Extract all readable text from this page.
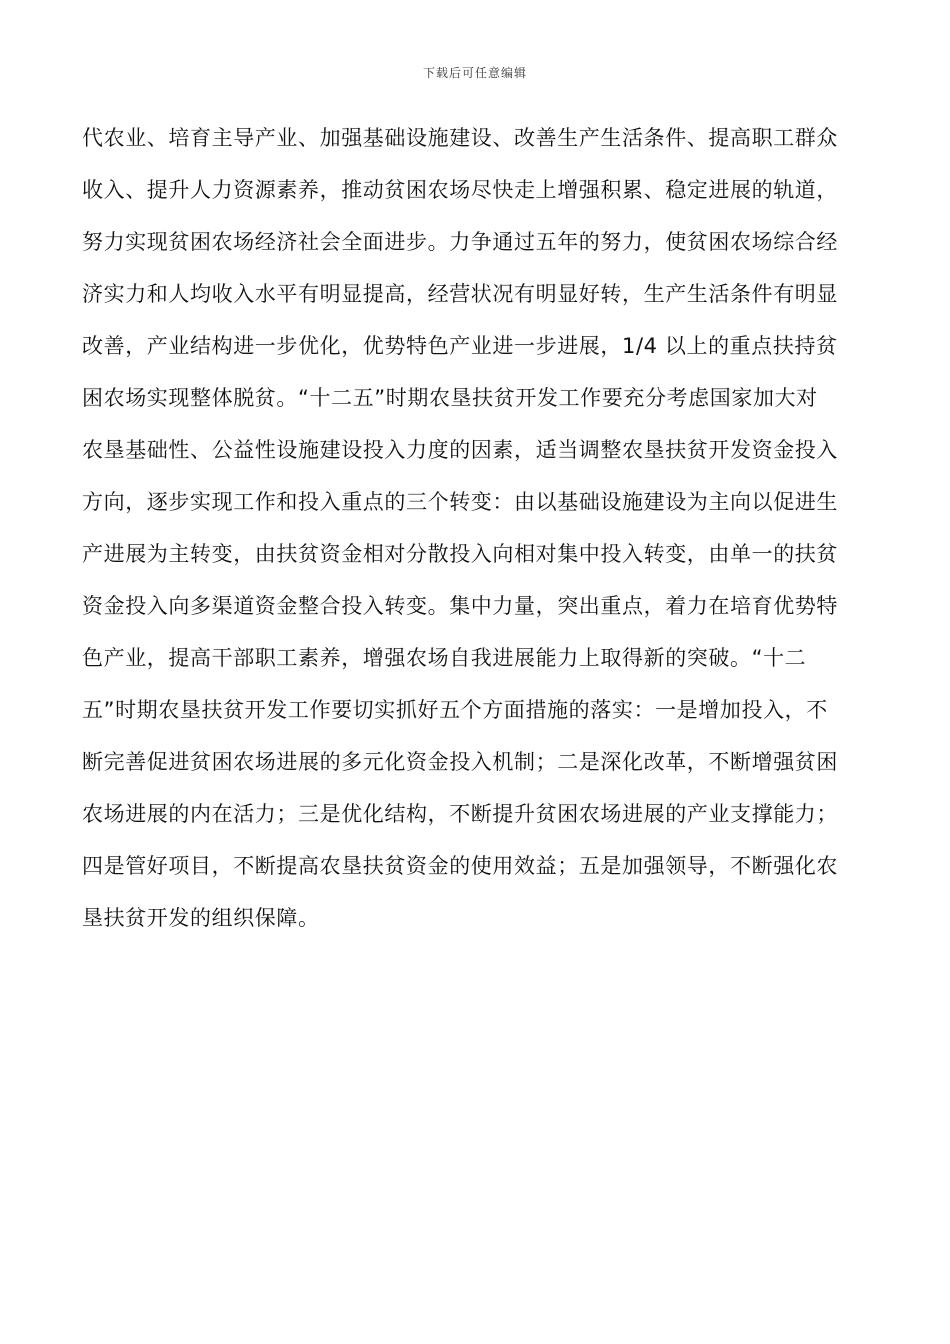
下载后可任意编辑
代农业、培育主导产业、加强基础设施建设、改善生产生活条件、提高职工群众
收入、提升人力资源素养，推动贫困农场尽快走上增强积累、稳定进展的轨道，
努力实现贫困农场经济社会全面进步。力争通过五年的努力，使贫困农场综合经
济实力和人均收入水平有明显提高，经营状况有明显好转，生产生活条件有明显
改善，产业结构进一步优化，优势特色产业进一步进展，1/4 以上的重点扶持贫
困农场实现整体脱贫。“十二五”时期农垦扶贫开发工作要充分考虑国家加大对
农垦基础性、公益性设施建设投入力度的因素，适当调整农垦扶贫开发资金投入
方向，逐步实现工作和投入重点的三个转变：由以基础设施建设为主向以促进生
产进展为主转变，由扶贫资金相对分散投入向相对集中投入转变，由单一的扶贫
资金投入向多渠道资金整合投入转变。集中力量，突出重点，着力在培育优势特
色产业，提高干部职工素养，增强农场自我进展能力上取得新的突破。“十二
五”时期农垦扶贫开发工作要切实抓好五个方面措施的落实：一是增加投入，不
断完善促进贫困农场进展的多元化资金投入机制；二是深化改革，不断增强贫困
农场进展的内在活力；三是优化结构，不断提升贫困农场进展的产业支撑能力；
四是管好项目，不断提高农垦扶贫资金的使用效益；五是加强领导，不断强化农
垦扶贫开发的组织保障。
